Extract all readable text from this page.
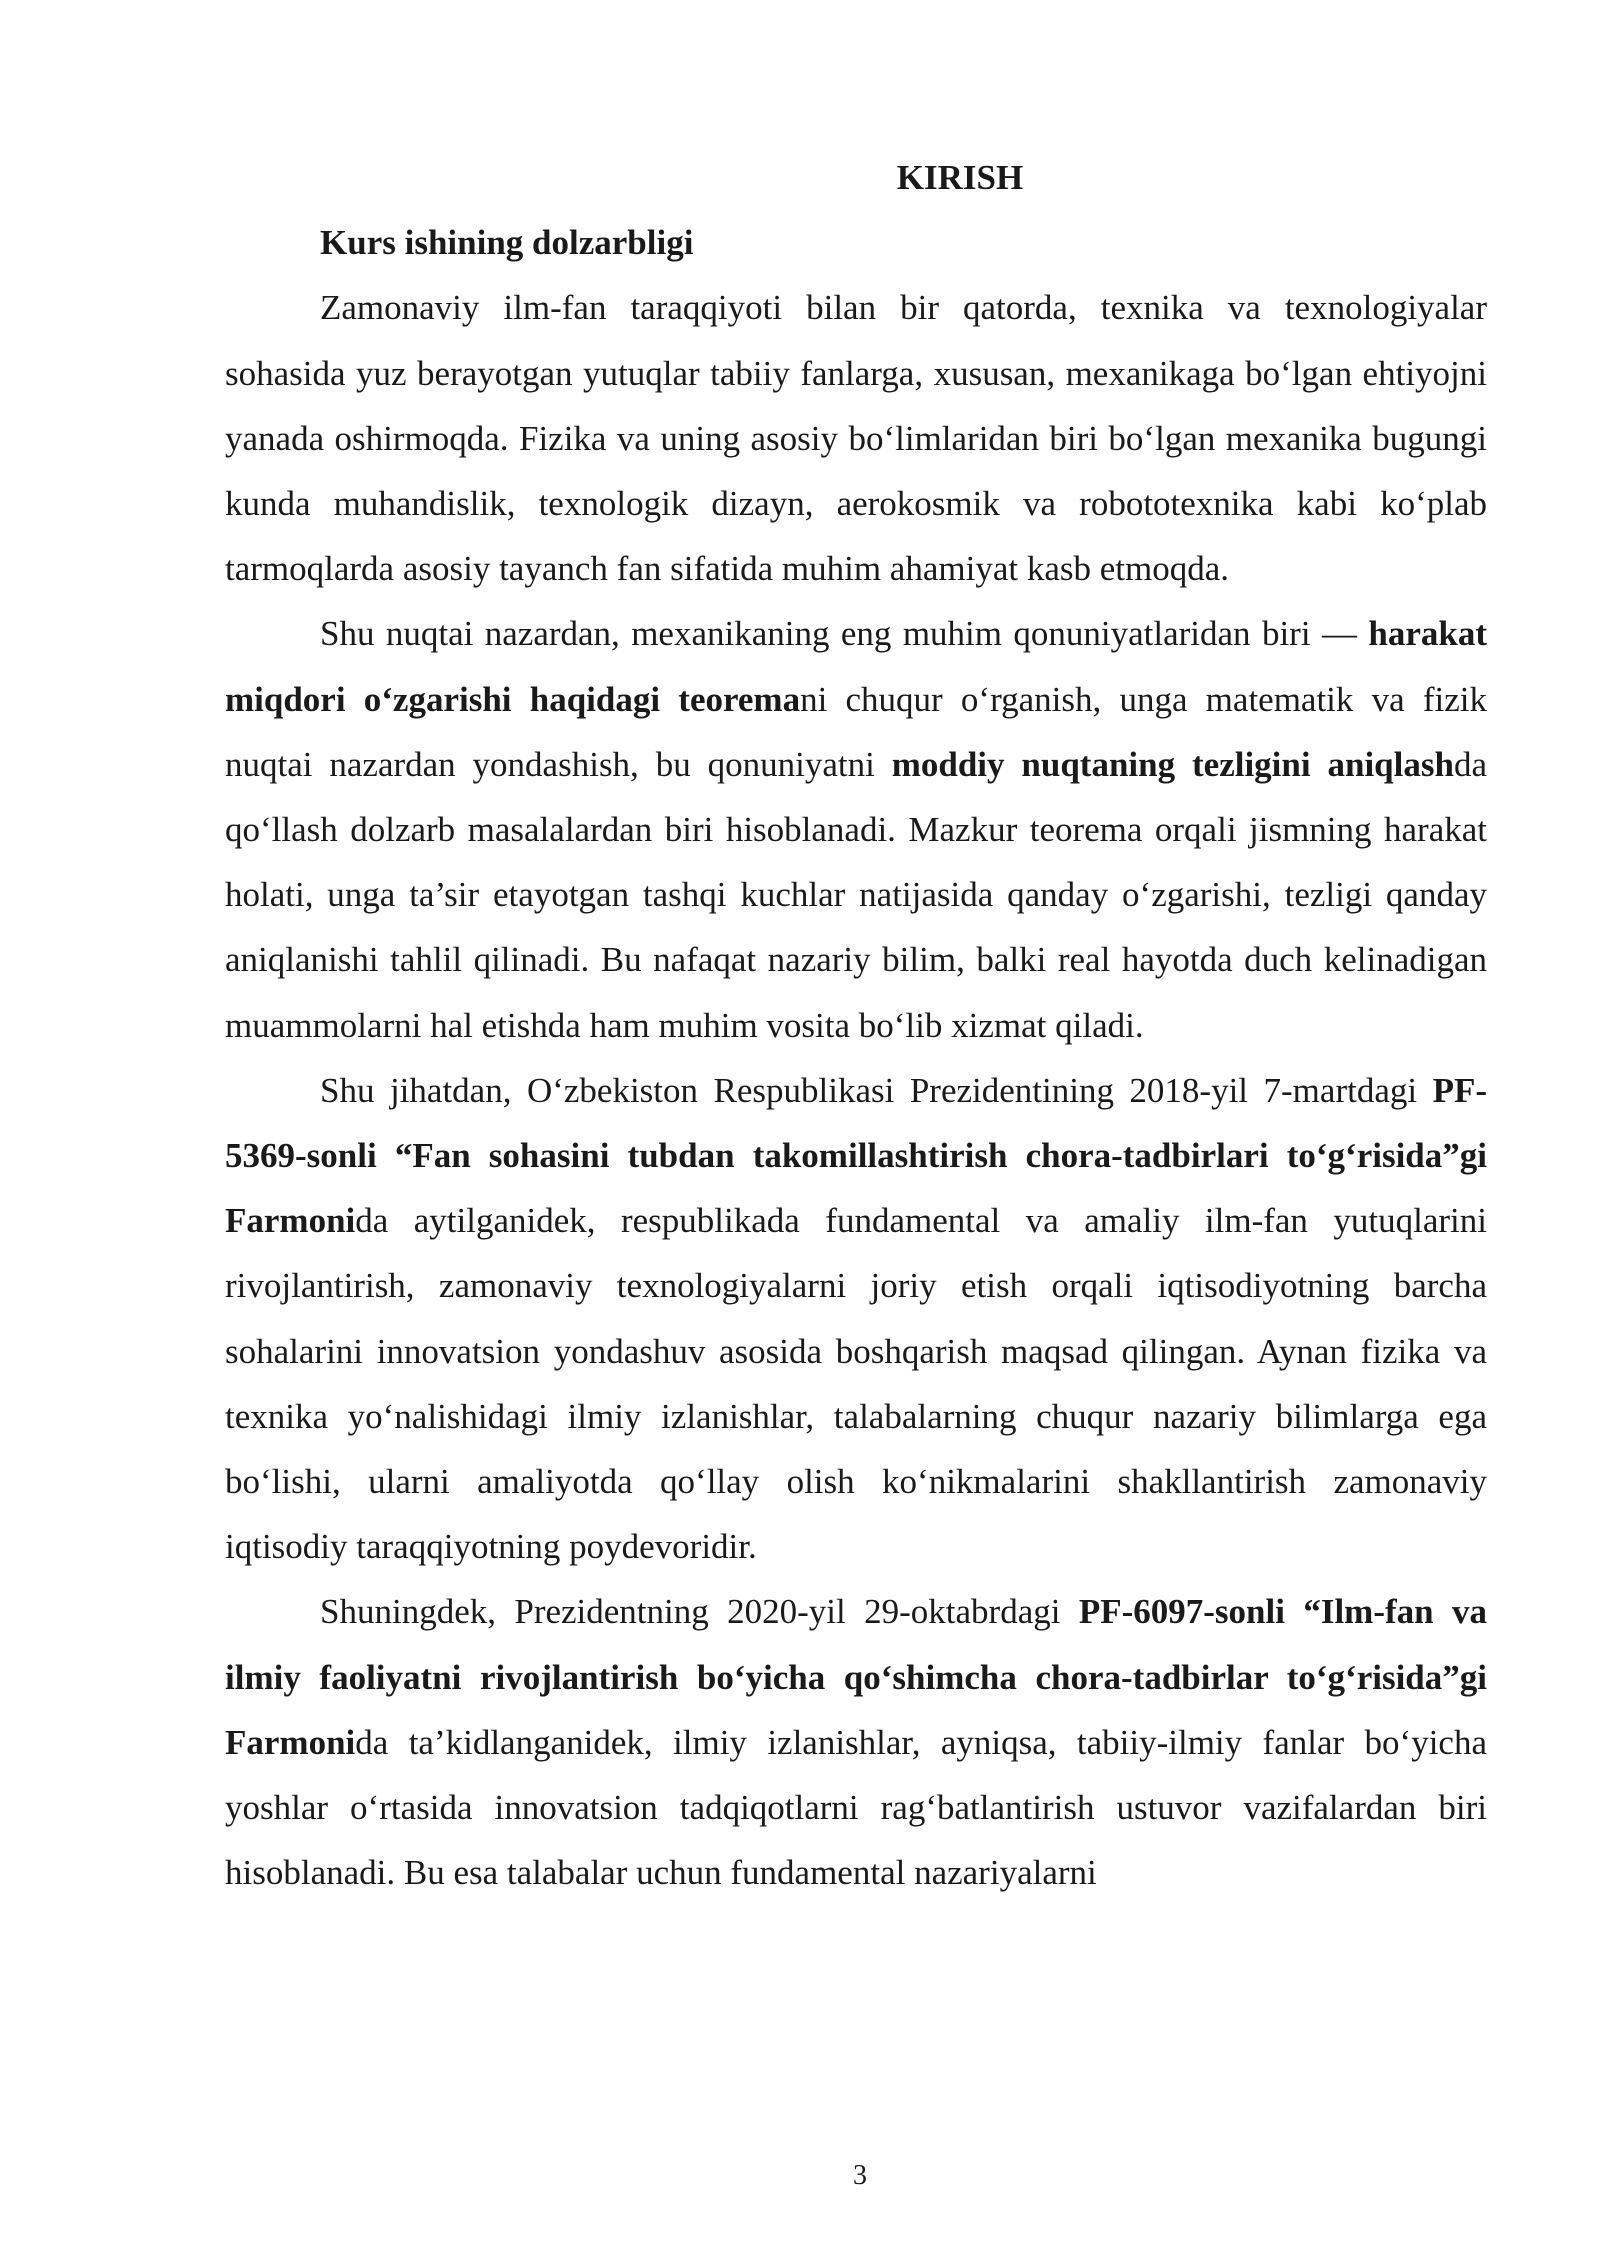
KIRISH

Kurs ishining dolzarbligi

Zamonaviy ilm-fan taraqqiyoti bilan bir qatorda, texnika va texnologiyalar sohasida yuz berayotgan yutuqlar tabiiy fanlarga, xususan, mexanikaga bo‘lgan ehtiyojni yanada oshirmoqda. Fizika va uning asosiy bo‘limlaridan biri bo‘lgan mexanika bugungi kunda muhandislik, texnologik dizayn, aerokosmik va robototexnika kabi ko‘plab tarmoqlarda asosiy tayanch fan sifatida muhim ahamiyat kasb etmoqda.

Shu nuqtai nazardan, mexanikaning eng muhim qonuniyatlaridan biri — harakat miqdori o‘zgarishi haqidagi teoremani chuqur o‘rganish, unga matematik va fizik nuqtai nazardan yondashish, bu qonuniyatni moddiy nuqtaning tezligini aniqlashda qo‘llash dolzarb masalalardan biri hisoblanadi. Mazkur teorema orqali jismning harakat holati, unga ta’sir etayotgan tashqi kuchlar natijasida qanday o‘zgarishi, tezligi qanday aniqlanishi tahlil qilinadi. Bu nafaqat nazariy bilim, balki real hayotda duch kelinadigan muammolarni hal etishda ham muhim vosita bo‘lib xizmat qiladi.

Shu jihatdan, O‘zbekiston Respublikasi Prezidentining 2018-yil 7-martdagi PF-5369-sonli “Fan sohasini tubdan takomillashtirish chora-tadbirlari to‘g‘risida”gi Farmonida aytilganidek, respublikada fundamental va amaliy ilm-fan yutuqlarini rivojlantirish, zamonaviy texnologiyalarni joriy etish orqali iqtisodiyotning barcha sohalarini innovatsion yondashuv asosida boshqarish maqsad qilingan. Aynan fizika va texnika yo‘nalishidagi ilmiy izlanishlar, talabalarning chuqur nazariy bilimlarga ega bo‘lishi, ularni amaliyotda qo‘llay olish ko‘nikmalarini shakllantirish zamonaviy iqtisodiy taraqqiyotning poydevoridir.

Shuningdek, Prezidentning 2020-yil 29-oktabrdagi PF-6097-sonli “Ilm-fan va ilmiy faoliyatni rivojlantirish bo‘yicha qo‘shimcha chora-tadbirlar to‘g‘risida”gi Farmonida ta’kidlanganidek, ilmiy izlanishlar, ayniqsa, tabiiy-ilmiy fanlar bo‘yicha yoshlar o‘rtasida innovatsion tadqiqotlarni rag‘batlantirish ustuvor vazifalardan biri hisoblanadi. Bu esa talabalar uchun fundamental nazariyalarni

3
